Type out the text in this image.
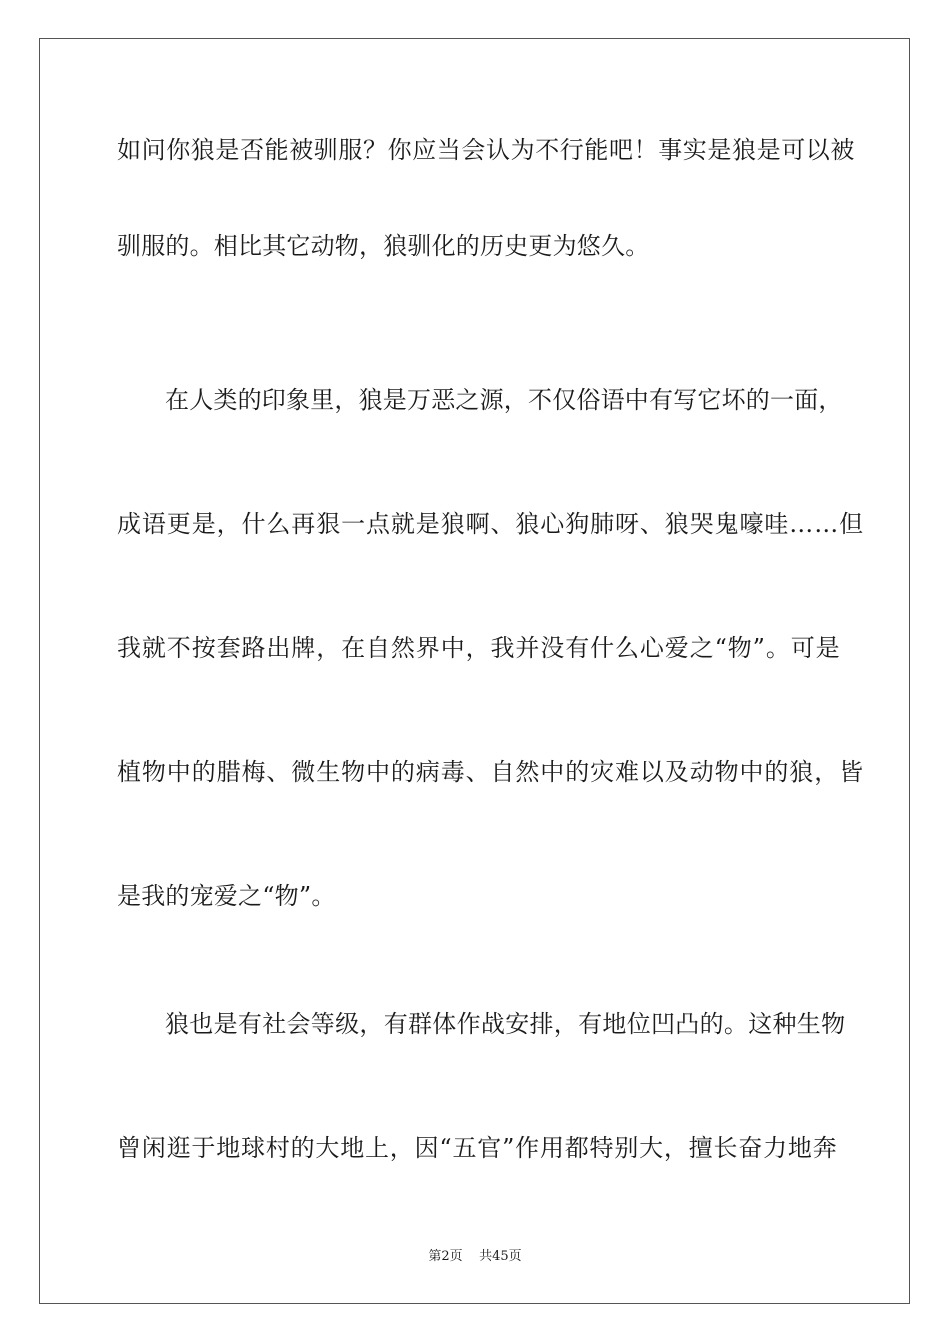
如问你狼是否能被驯服？你应当会认为不行能吧！事实是狼是可以被
驯服的。相比其它动物，狼驯化的历史更为悠久。
在人类的印象里，狼是万恶之源，不仅俗语中有写它坏的一面，
成语更是，什么再狠一点就是狼啊、狼心狗肺呀、狼哭鬼嚎哇……但
我就不按套路出牌，在自然界中，我并没有什么心爱之“物”。可是
植物中的腊梅、微生物中的病毒、自然中的灾难以及动物中的狼，皆
是我的宠爱之“物”。
狼也是有社会等级，有群体作战安排，有地位凹凸的。这种生物
曾闲逛于地球村的大地上，因“五官”作用都特别大，擅长奋力地奔
第2页 共45页
